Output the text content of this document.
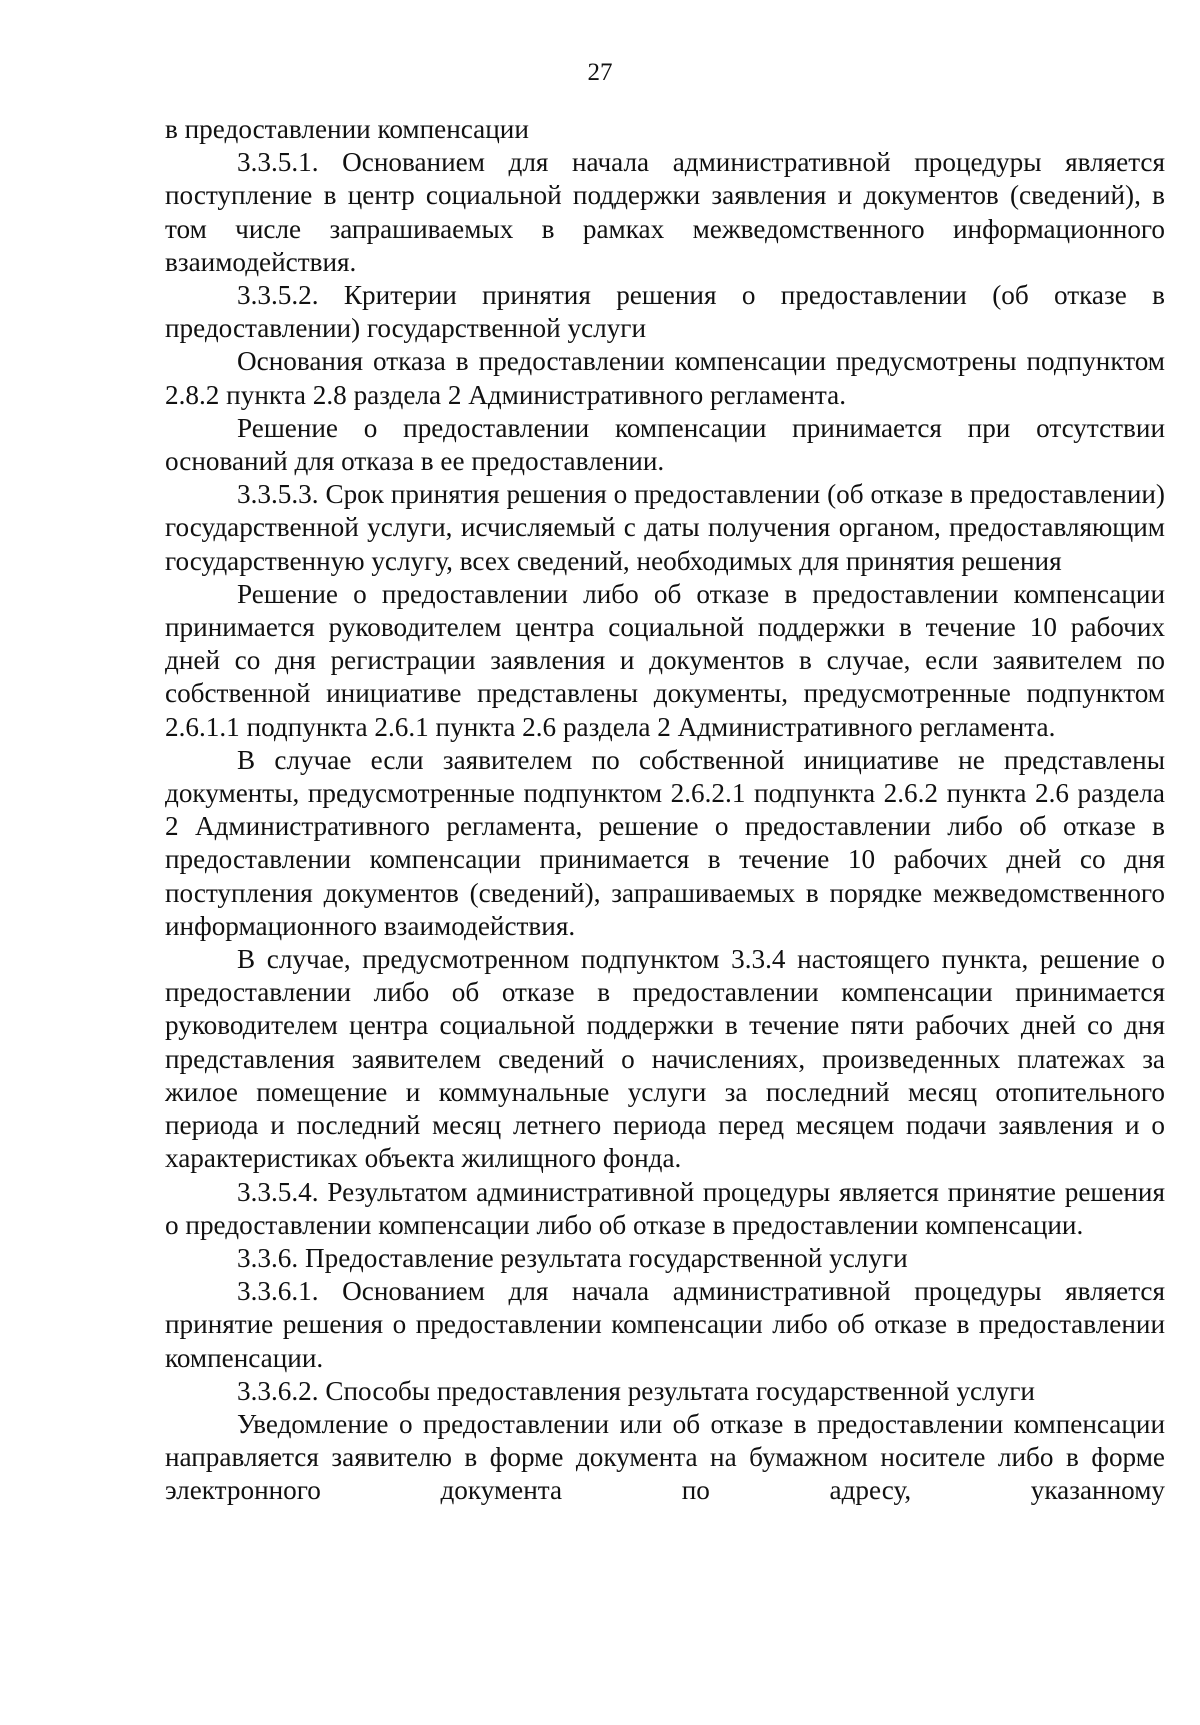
27

в предоставлении компенсации

3.3.5.1. Основанием для начала административной процедуры является поступление в центр социальной поддержки заявления и документов (сведений), в том числе запрашиваемых в рамках межведомственного информационного взаимодействия.

3.3.5.2. Критерии принятия решения о предоставлении (об отказе в предоставлении) государственной услуги

Основания отказа в предоставлении компенсации предусмотрены подпунктом 2.8.2 пункта 2.8 раздела 2 Административного регламента.

Решение о предоставлении компенсации принимается при отсутствии оснований для отказа в ее предоставлении.

3.3.5.3. Срок принятия решения о предоставлении (об отказе в предоставлении) государственной услуги, исчисляемый с даты получения органом, предоставляющим государственную услугу, всех сведений, необходимых для принятия решения

Решение о предоставлении либо об отказе в предоставлении компенсации принимается руководителем центра социальной поддержки в течение 10 рабочих дней со дня регистрации заявления и документов в случае, если заявителем по собственной инициативе представлены документы, предусмотренные подпунктом 2.6.1.1 подпункта 2.6.1 пункта 2.6 раздела 2 Административного регламента.

В случае если заявителем по собственной инициативе не представлены документы, предусмотренные подпунктом 2.6.2.1 подпункта 2.6.2 пункта 2.6 раздела 2 Административного регламента, решение о предоставлении либо об отказе в предоставлении компенсации принимается в течение 10 рабочих дней со дня поступления документов (сведений), запрашиваемых в порядке межведомственного информационного взаимодействия.

В случае, предусмотренном подпунктом 3.3.4 настоящего пункта, решение о предоставлении либо об отказе в предоставлении компенсации принимается руководителем центра социальной поддержки в течение пяти рабочих дней со дня представления заявителем сведений о начислениях, произведенных платежах за жилое помещение и коммунальные услуги за последний месяц отопительного периода и последний месяц летнего периода перед месяцем подачи заявления и о характеристиках объекта жилищного фонда.

3.3.5.4. Результатом административной процедуры является принятие решения о предоставлении компенсации либо об отказе в предоставлении компенсации.

3.3.6. Предоставление результата государственной услуги

3.3.6.1. Основанием для начала административной процедуры является принятие решения о предоставлении компенсации либо об отказе в предоставлении компенсации.

3.3.6.2. Способы предоставления результата государственной услуги

Уведомление о предоставлении или об отказе в предоставлении компенсации направляется заявителю в форме документа на бумажном носителе либо в форме электронного документа по адресу, указанному
